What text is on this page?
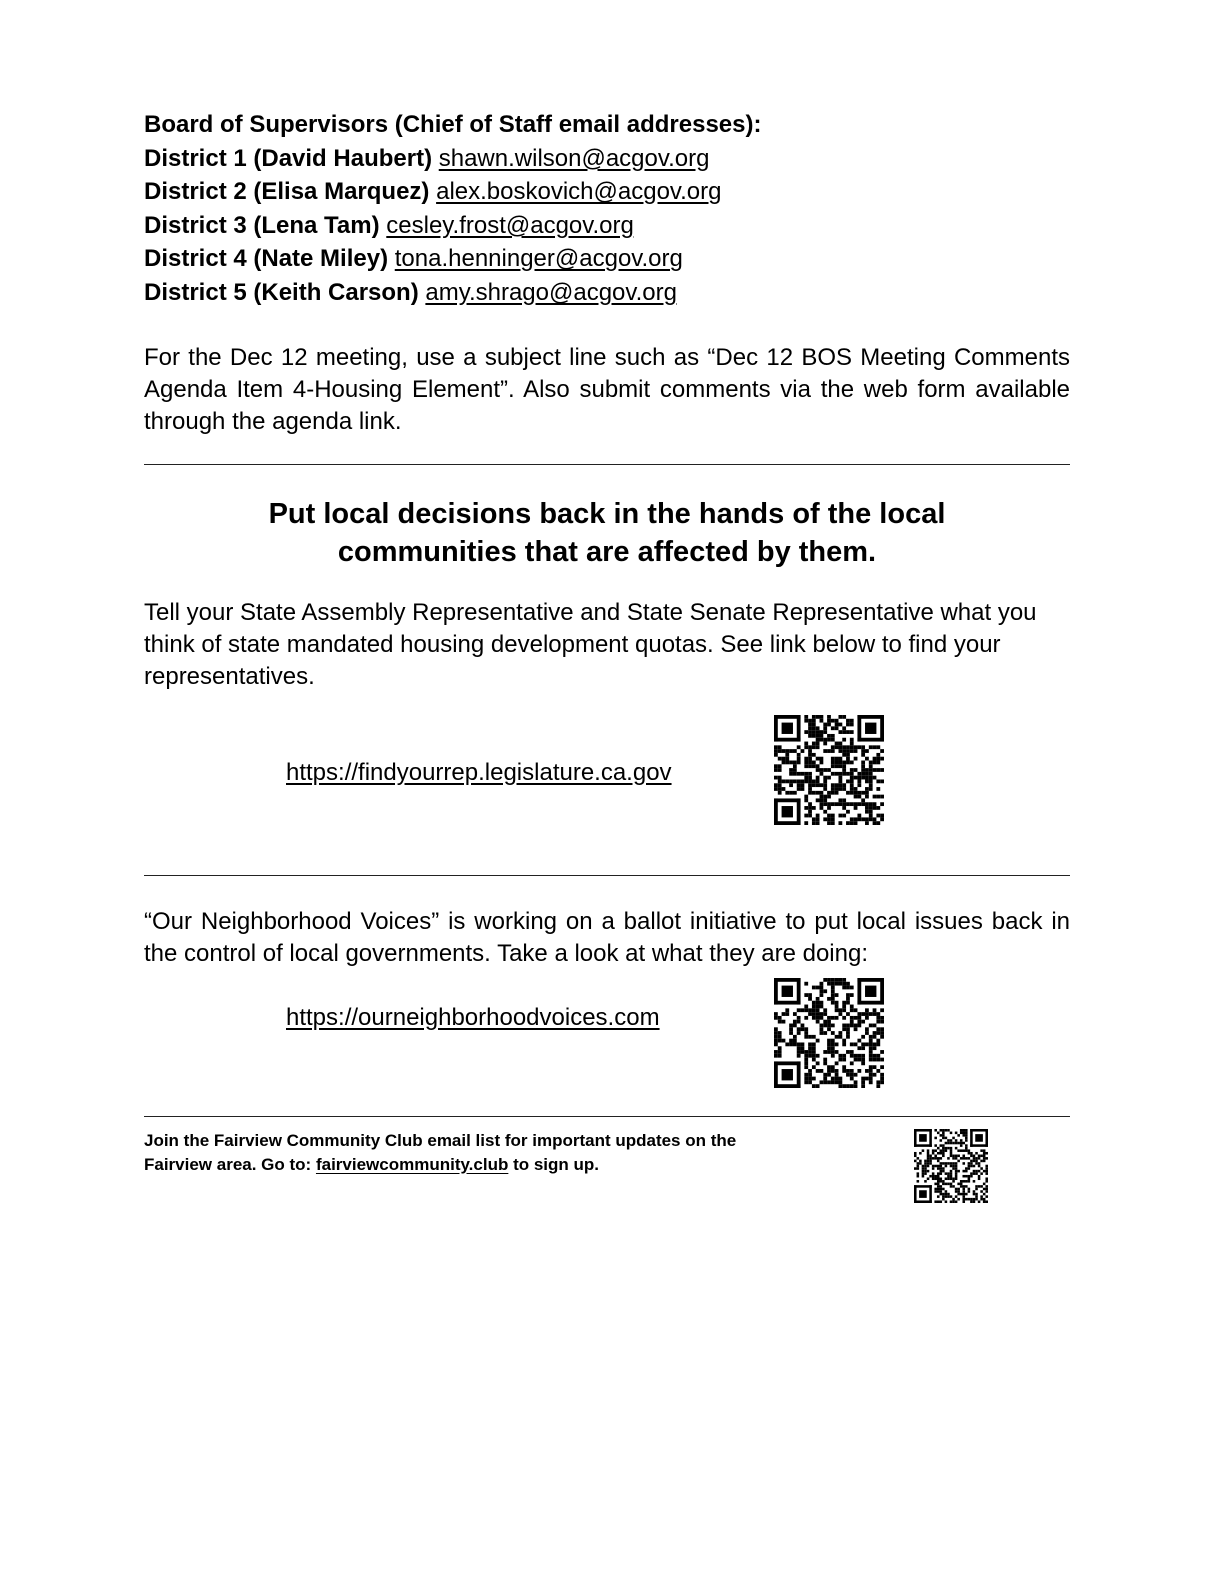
Board of Supervisors (Chief of Staff email addresses):
District 1 (David Haubert) shawn.wilson@acgov.org
District 2 (Elisa Marquez) alex.boskovich@acgov.org
District 3 (Lena Tam) cesley.frost@acgov.org
District 4 (Nate Miley) tona.henninger@acgov.org
District 5 (Keith Carson) amy.shrago@acgov.org

For the Dec 12 meeting, use a subject line such as “Dec 12 BOS Meeting Comments Agenda Item 4-Housing Element”. Also submit comments via the web form available through the agenda link.

Put local decisions back in the hands of the local
communities that are affected by them.

Tell your State Assembly Representative and State Senate Representative what you think of state mandated housing development quotas. See link below to find your representatives.

https://findyourrep.legislature.ca.gov

“Our Neighborhood Voices” is working on a ballot initiative to put local issues back in the control of local governments. Take a look at what they are doing:

https://ourneighborhoodvoices.com
Join the Fairview Community Club email list for important updates on the
Fairview area. Go to: fairviewcommunity.club to sign up.
